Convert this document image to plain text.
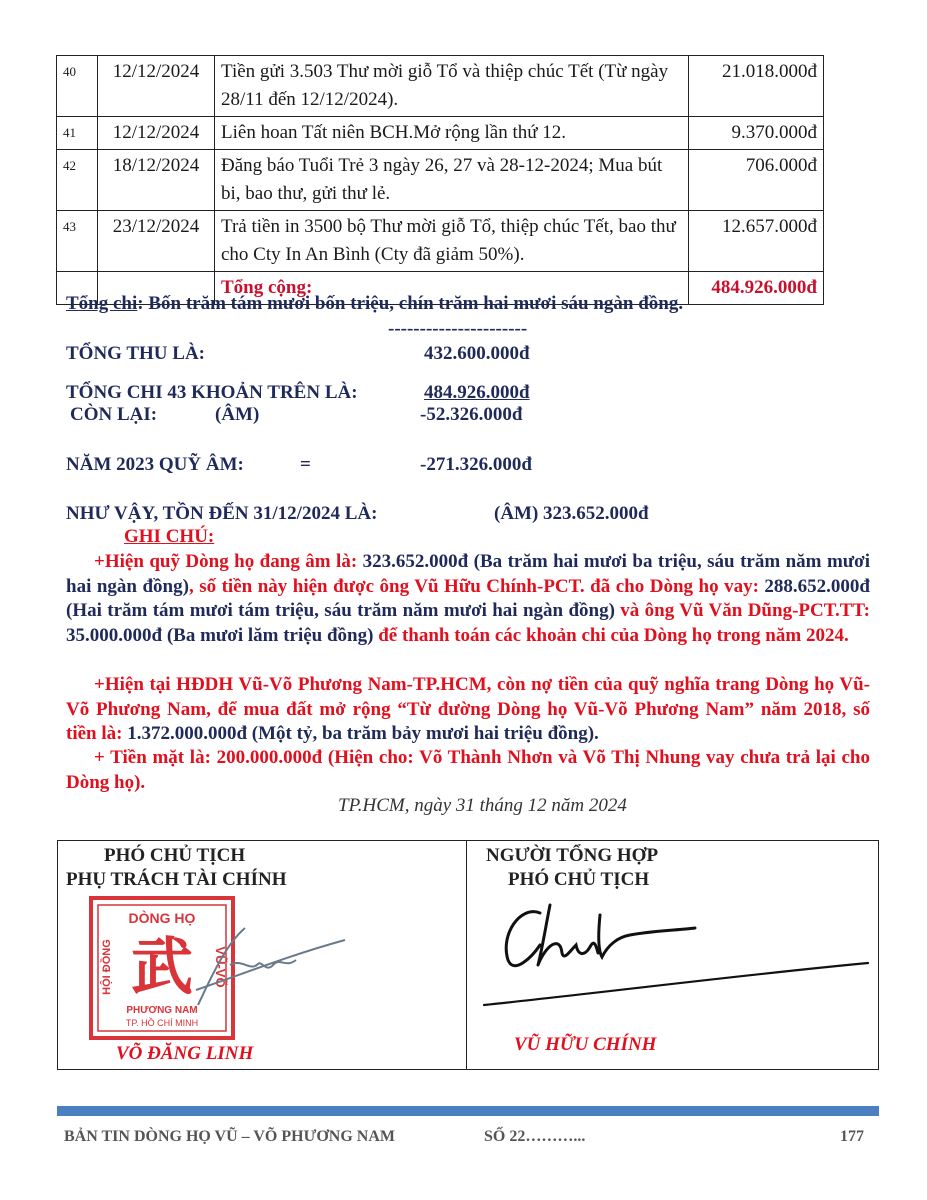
40	12/12/2024	Tiền gửi 3.503 Thư mời giỗ Tổ và thiệp chúc Tết (Từ ngày 28/11 đến 12/12/2024).	21.018.000đ
41	12/12/2024	Liên hoan Tất niên BCH.Mở rộng lần thứ 12.	9.370.000đ
42	18/12/2024	Đăng báo Tuổi Trẻ 3 ngày 26, 27 và 28-12-2024; Mua bút bi, bao thư, gửi thư lẻ.	706.000đ
43	23/12/2024	Trả tiền in 3500 bộ Thư mời giỗ Tổ, thiệp chúc Tết, bao thư cho Cty In An Bình (Cty đã giảm 50%).	12.657.000đ
		Tổng cộng:	484.926.000đ
Tổng chi: Bốn trăm tám mươi bốn triệu, chín trăm hai mươi sáu ngàn đồng.
----------------------
TỔNG THU LÀ:	432.600.000đ
TỔNG CHI 43 KHOẢN TRÊN LÀ:	484.926.000đ
CÒN LẠI:	(ÂM)	-52.326.000đ
NĂM 2023 QUỸ ÂM:	=	-271.326.000đ
NHƯ VẬY, TỒN ĐẾN 31/12/2024 LÀ:	(ÂM) 323.652.000đ
GHI CHÚ:
+Hiện quỹ Dòng họ đang âm là: 323.652.000đ (Ba trăm hai mươi ba triệu, sáu trăm năm mươi hai ngàn đồng), số tiền này hiện được ông Vũ Hữu Chính-PCT. đã cho Dòng họ vay: 288.652.000đ (Hai trăm tám mươi tám triệu, sáu trăm năm mươi hai ngàn đồng) và ông Vũ Văn Dũng-PCT.TT: 35.000.000đ (Ba mươi lăm triệu đồng) để thanh toán các khoản chi của Dòng họ trong năm 2024.
+Hiện tại HĐDH Vũ-Võ Phương Nam-TP.HCM, còn nợ tiền của quỹ nghĩa trang Dòng họ Vũ-Võ Phương Nam, để mua đất mở rộng “Từ đường Dòng họ Vũ-Võ Phương Nam” năm 2018, số tiền là: 1.372.000.000đ (Một tỷ, ba trăm bảy mươi hai triệu đồng).
+ Tiền mặt là: 200.000.000đ (Hiện cho: Võ Thành Nhơn và Võ Thị Nhung vay chưa trả lại cho Dòng họ).
TP.HCM, ngày 31 tháng 12 năm 2024
PHÓ CHỦ TỊCH
PHỤ TRÁCH TÀI CHÍNH
NGƯỜI TỔNG HỢP
PHÓ CHỦ TỊCH
DÒNG HỌ
HỘI ĐỒNG	VŨ-VÕ
武
PHƯƠNG NAM
TP. HỒ CHÍ MINH
VÕ ĐĂNG LINH	VŨ HỮU CHÍNH
BẢN TIN DÒNG HỌ VŨ – VÕ PHƯƠNG NAM	SỐ 22………...	177
